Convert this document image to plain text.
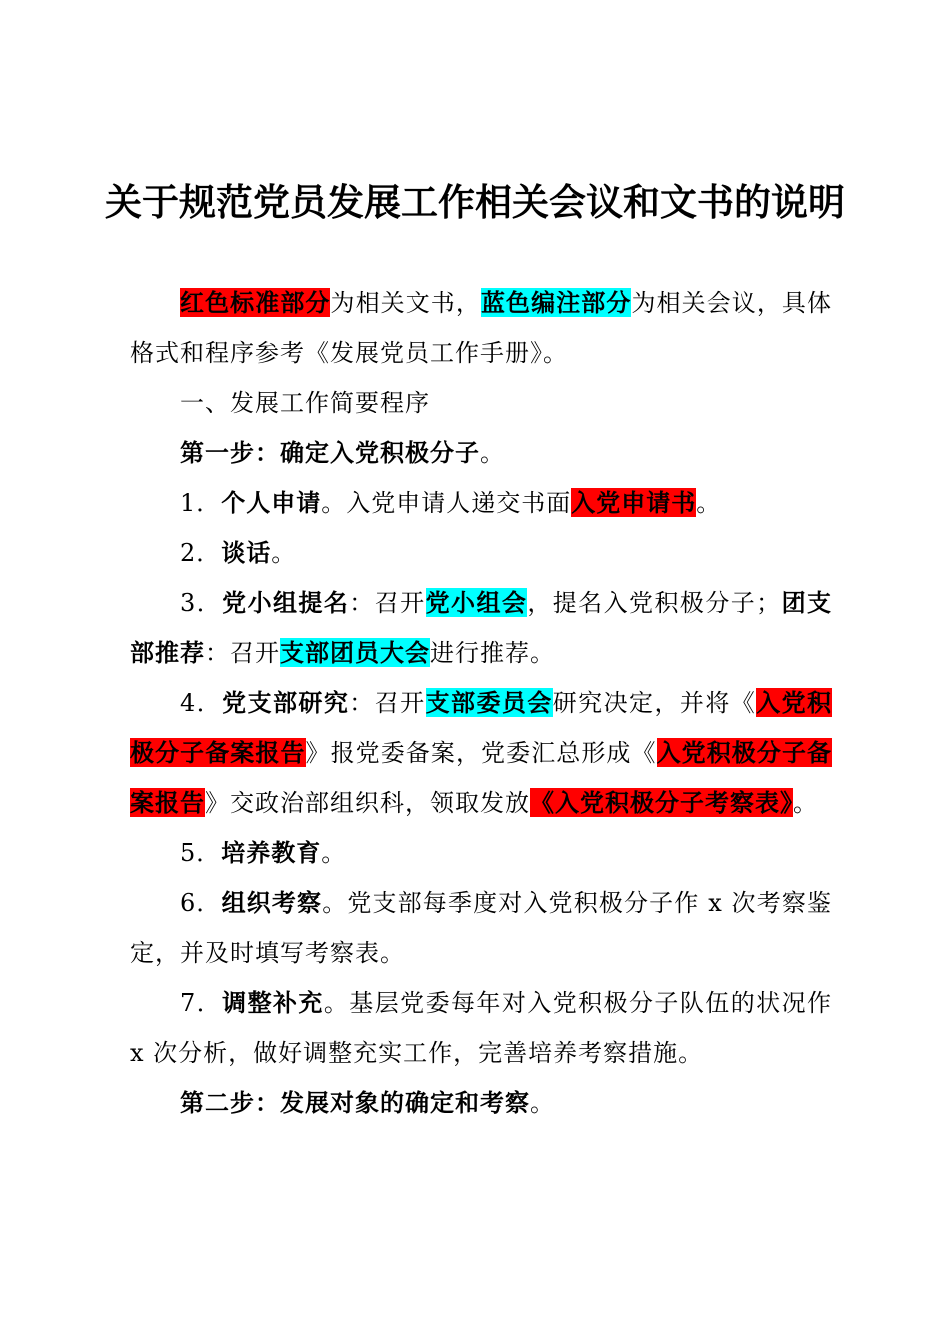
关于规范党员发展工作相关会议和文书的说明

红色标准部分为相关文书，蓝色编注部分为相关会议，具体格式和程序参考《发展党员工作手册》。

一、发展工作简要程序

第一步：确定入党积极分子。

1．个人申请。入党申请人递交书面入党申请书。

2．谈话。

3．党小组提名：召开党小组会，提名入党积极分子；团支部推荐：召开支部团员大会进行推荐。

4．党支部研究：召开支部委员会研究决定，并将《入党积极分子备案报告》报党委备案，党委汇总形成《入党积极分子备案报告》交政治部组织科，领取发放《入党积极分子考察表》。

5．培养教育。

6．组织考察。党支部每季度对入党积极分子作 x 次考察鉴定，并及时填写考察表。

7．调整补充。基层党委每年对入党积极分子队伍的状况作 x 次分析，做好调整充实工作，完善培养考察措施。

第二步：发展对象的确定和考察。
